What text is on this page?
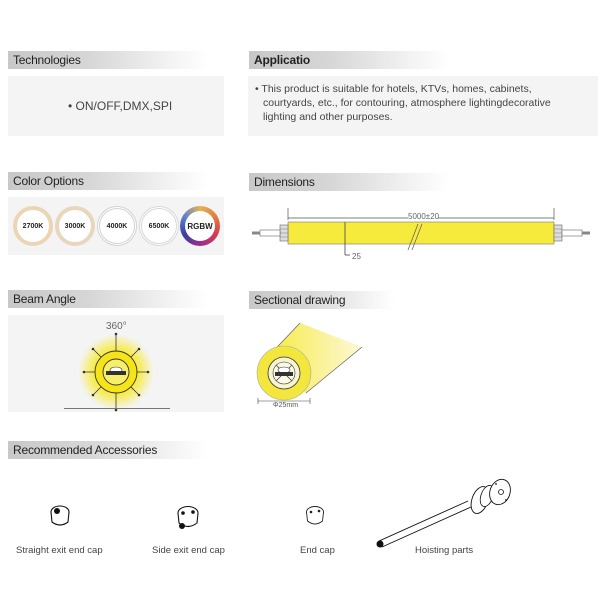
Technologies
• ON/OFF,DMX,SPI
Applicatio
• This product is suitable for hotels, KTVs, homes, cabinets,
courtyards, etc., for contouring, atmosphere lightingdecorative
lighting and other purposes.
Color Options
2700K	3000K	4000K	6500K RGBW
Dimensions
5000±20
25
Beam Angle
360°
Sectional drawing
Φ25mm
Recommended Accessories
Straight exit end cap	Side exit end cap	End cap	Hoisting parts
